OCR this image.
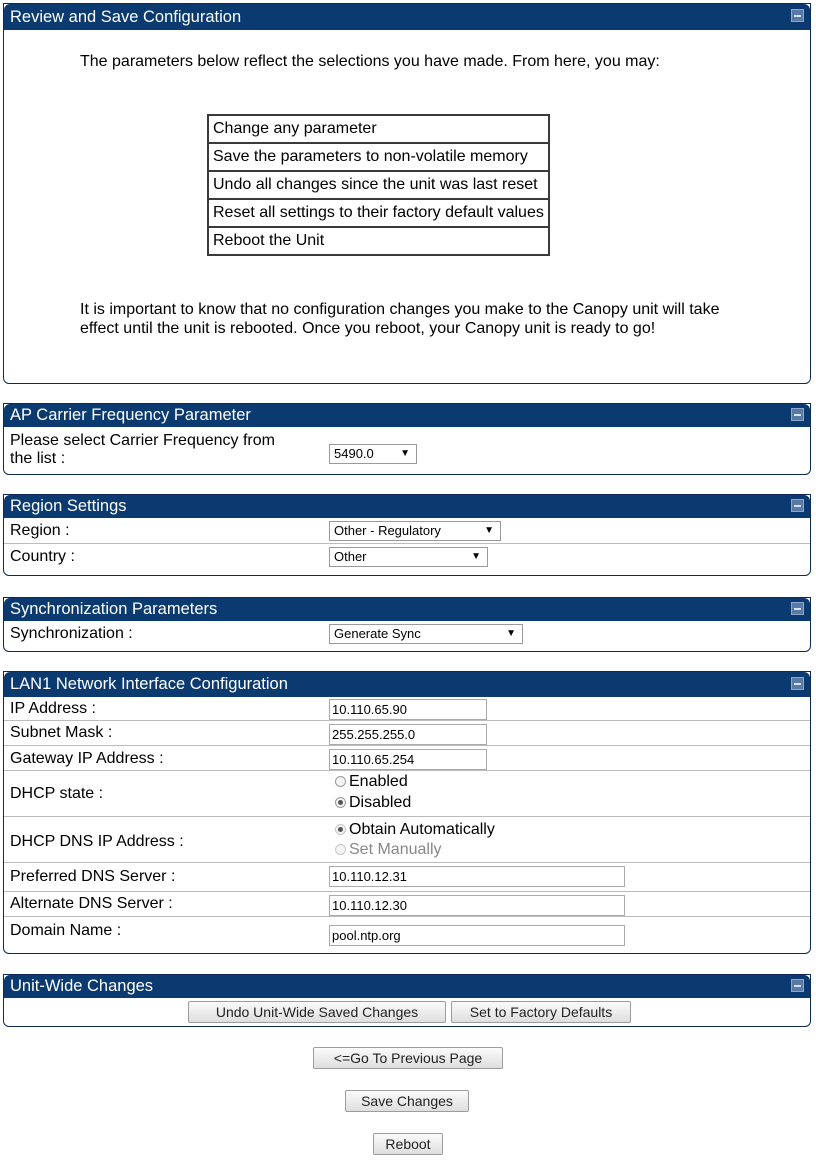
Review and Save Configuration
The parameters below reflect the selections you have made. From here, you may:
Change any parameter
Save the parameters to non-volatile memory
Undo all changes since the unit was last reset
Reset all settings to their factory default values
Reboot the Unit
It is important to know that no configuration changes you make to the Canopy unit will take effect until the unit is rebooted. Once you reboot, your Canopy unit is ready to go!
AP Carrier Frequency Parameter
Please select Carrier Frequency from the list :	5490.0	▼
Region Settings
Region :	Other - Regulatory	▼
Country :	Other	▼
Synchronization Parameters
Synchronization :	Generate Sync	▼
LAN1 Network Interface Configuration
IP Address :	10.110.65.90
Subnet Mask :	255.255.255.0
Gateway IP Address :	10.110.65.254
DHCP state :
Enabled
Disabled
DHCP DNS IP Address :
Obtain Automatically
Set Manually
Preferred DNS Server :	10.110.12.31
Alternate DNS Server :	10.110.12.30
Domain Name :	pool.ntp.org
Unit-Wide Changes
Undo Unit-Wide Saved Changes	Set to Factory Defaults
<=Go To Previous Page
Save Changes
Reboot
